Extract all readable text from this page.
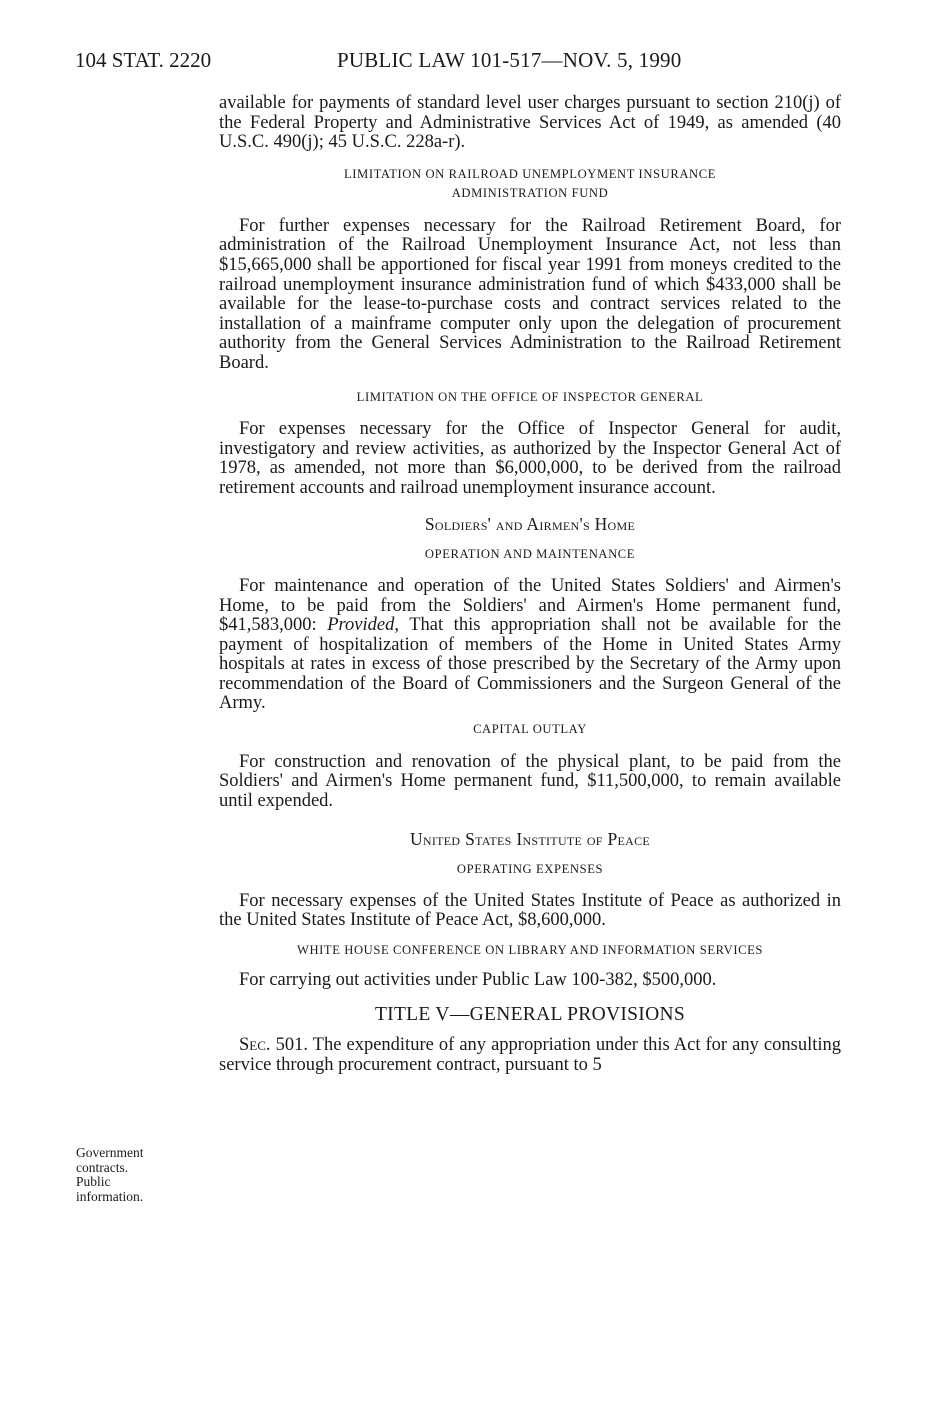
104 STAT. 2220	PUBLIC LAW 101-517—NOV. 5, 1990
Government
contracts.
Public
information.

available for payments of standard level user charges pursuant to section 210(j) of the Federal Property and Administrative Services Act of 1949, as amended (40 U.S.C. 490(j); 45 U.S.C. 228a-r).

LIMITATION ON RAILROAD UNEMPLOYMENT INSURANCE

ADMINISTRATION FUND

For further expenses necessary for the Railroad Retirement Board, for administration of the Railroad Unemployment Insurance Act, not less than $15,665,000 shall be apportioned for fiscal year 1991 from moneys credited to the railroad unemployment insurance administration fund of which $433,000 shall be available for the lease-to-purchase costs and contract services related to the installation of a mainframe computer only upon the delegation of procurement authority from the General Services Administration to the Railroad Retirement Board.

LIMITATION ON THE OFFICE OF INSPECTOR GENERAL

For expenses necessary for the Office of Inspector General for audit, investigatory and review activities, as authorized by the Inspector General Act of 1978, as amended, not more than $6,000,000, to be derived from the railroad retirement accounts and railroad unemployment insurance account.

Soldiers' and Airmen's Home

OPERATION AND MAINTENANCE

For maintenance and operation of the United States Soldiers' and Airmen's Home, to be paid from the Soldiers' and Airmen's Home permanent fund, $41,583,000: Provided, That this appropriation shall not be available for the payment of hospitalization of members of the Home in United States Army hospitals at rates in excess of those prescribed by the Secretary of the Army upon recommendation of the Board of Commissioners and the Surgeon General of the Army.

CAPITAL OUTLAY

For construction and renovation of the physical plant, to be paid from the Soldiers' and Airmen's Home permanent fund, $11,500,000, to remain available until expended.

United States Institute of Peace

OPERATING EXPENSES

For necessary expenses of the United States Institute of Peace as authorized in the United States Institute of Peace Act, $8,600,000.

WHITE HOUSE CONFERENCE ON LIBRARY AND INFORMATION SERVICES

For carrying out activities under Public Law 100-382, $500,000.

TITLE V—GENERAL PROVISIONS

Sec. 501. The expenditure of any appropriation under this Act for any consulting service through procurement contract, pursuant to 5
